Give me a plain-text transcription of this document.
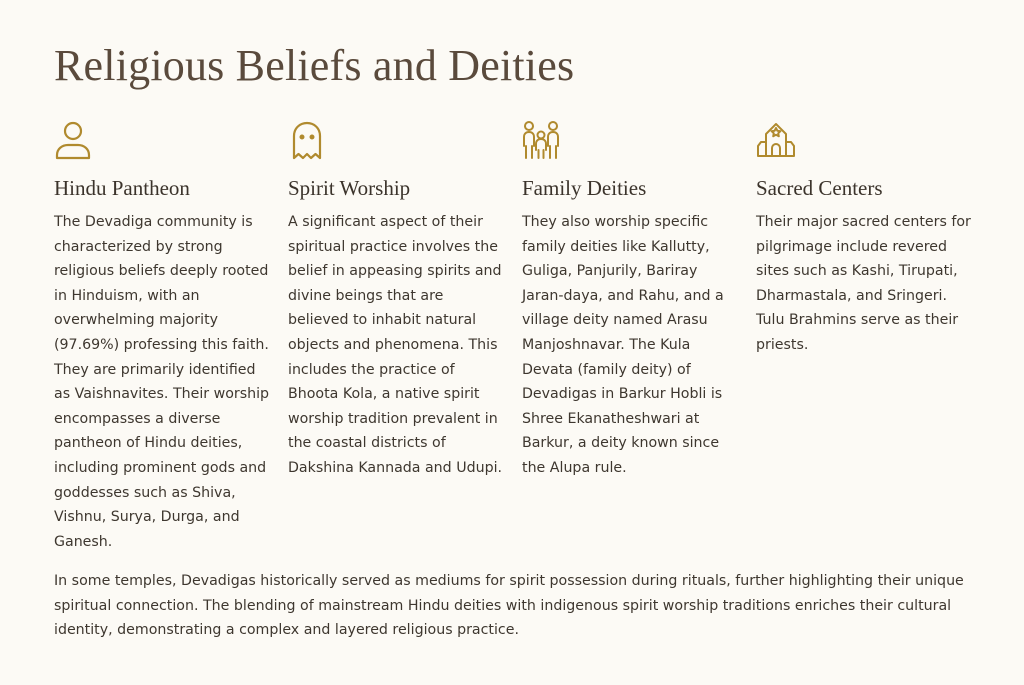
Religious Beliefs and Deities
Hindu Pantheon

The Devadiga community is characterized by strong religious beliefs deeply rooted in Hinduism, with an overwhelming majority (97.69%) professing this faith. They are primarily identified as Vaishnavites. Their worship encompasses a diverse pantheon of Hindu deities, including prominent gods and goddesses such as Shiva, Vishnu, Surya, Durga, and Ganesh.

Spirit Worship

A significant aspect of their spiritual practice involves the belief in appeasing spirits and divine beings that are believed to inhabit natural objects and phenomena. This includes the practice of Bhoota Kola, a native spirit worship tradition prevalent in the coastal districts of Dakshina Kannada and Udupi.

Family Deities

They also worship specific family deities like Kallutty, Guliga, Panjurily, Bariray Jaran-daya, and Rahu, and a village deity named Arasu Manjoshnavar. The Kula Devata (family deity) of Devadigas in Barkur Hobli is Shree Ekanatheshwari at Barkur, a deity known since the Alupa rule.

Sacred Centers

Their major sacred centers for pilgrimage include revered sites such as Kashi, Tirupati, Dharmastala, and Sringeri. Tulu Brahmins serve as their priests.

In some temples, Devadigas historically served as mediums for spirit possession during rituals, further highlighting their unique spiritual connection. The blending of mainstream Hindu deities with indigenous spirit worship traditions enriches their cultural identity, demonstrating a complex and layered religious practice.
